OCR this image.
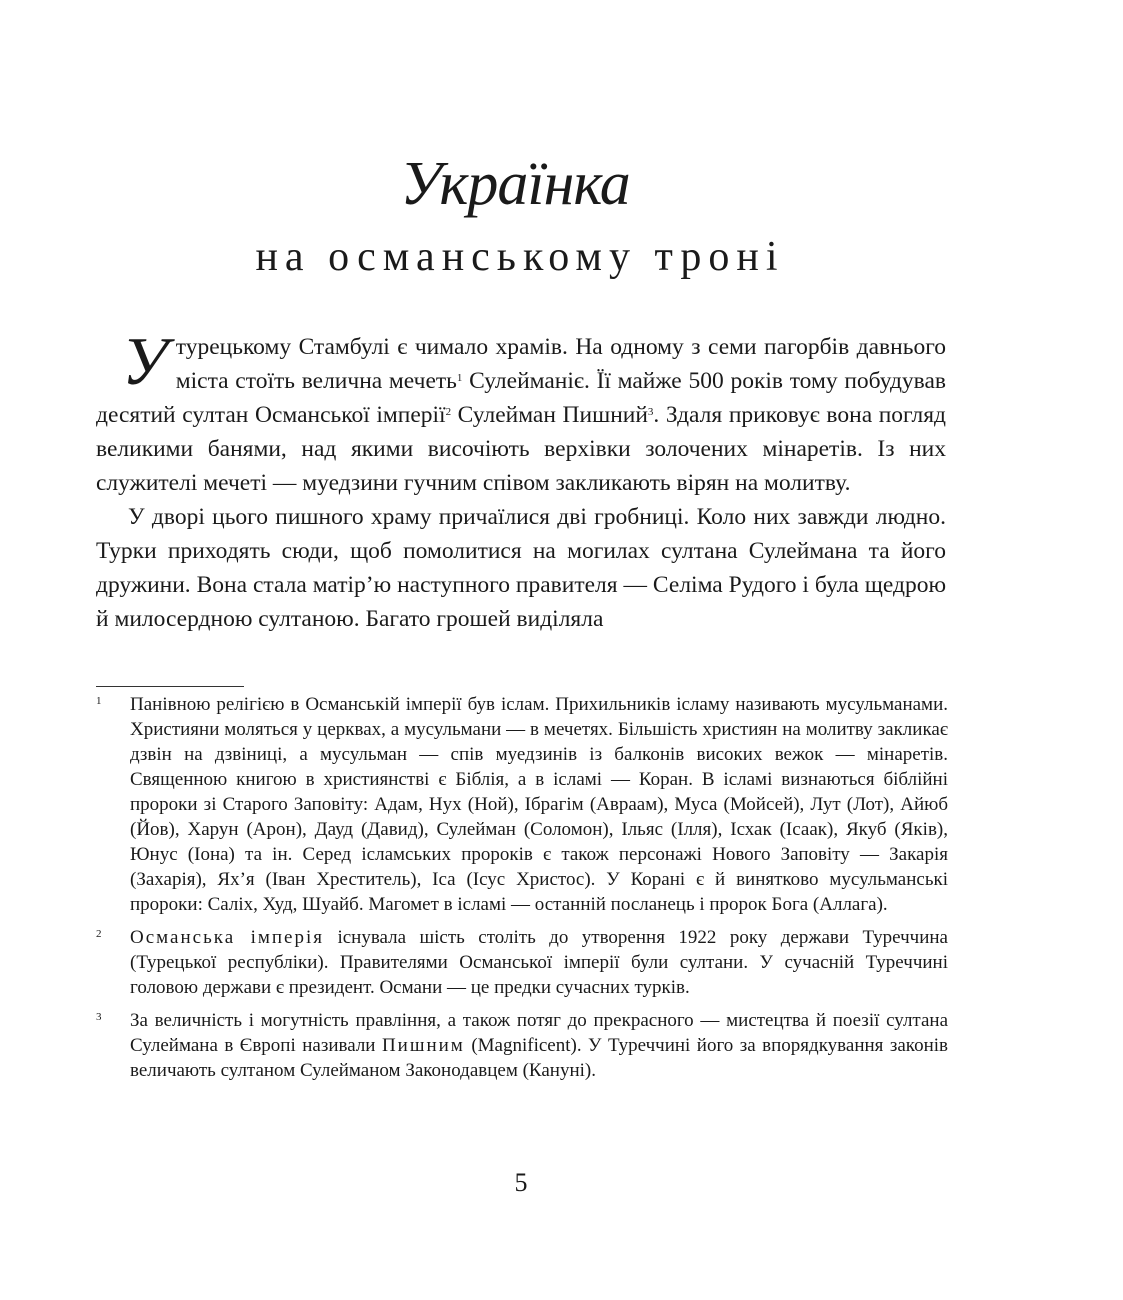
Українка
на османському троні

Утурецькому Стамбулі є чимало храмів. На одному з семи пагорбів давнього міста стоїть велична мечеть$^1$ Сулейманіє. Її майже 500 років тому побудував десятий султан Османської імперії$^2$ Сулейман Пишний$^3$. Здаля приковує вона погляд великими банями, над якими височіють верхівки золочених мінаретів. Із них служителі мечеті — муедзини гучним співом закликають вірян на молитву.

У дворі цього пишного храму причаїлися дві гробниці. Коло них завжди людно. Турки приходять сюди, щоб помолитися на могилах султана Сулеймана та його дружини. Вона стала матір’ю наступного правителя — Селіма Рудого і була щедрою й милосердною султаною. Багато грошей виділяла

1 Панівною релігією в Османській імперії був іслам. Прихильників ісламу називають мусульманами. Християни моляться у церквах, а мусульмани — в мечетях. Більшість християн на молитву закликає дзвін на дзвіниці, а мусульман — спів муедзинів із балконів високих вежок — мінаретів. Священною книгою в християнстві є Біблія, а в ісламі — Коран. В ісламі визнаються біблійні пророки зі Старого Заповіту: Адам, Нух (Ной), Ібрагім (Авраам), Муса (Мойсей), Лут (Лот), Айюб (Йов), Харун (Арон), Дауд (Давид), Сулейман (Соломон), Ільяс (Ілля), Ісхак (Ісаак), Якуб (Яків), Юнус (Іона) та ін. Серед ісламських пророків є також персонажі Нового Заповіту — Закарія (Захарія), Ях’я (Іван Хреститель), Іса (Ісус Христос). У Корані є й винятково мусульманські пророки: Саліх, Худ, Шуайб. Магомет в ісламі — останній посланець і пророк Бога (Аллага).
2 Османська імперія існувала шість століть до утворення 1922 року держави Туреччина (Турецької республіки). Правителями Османської імперії були султани. У сучасній Туреччині головою держави є президент. Османи — це предки сучасних турків.
3 За величність і могутність правління, а також потяг до прекрасного — мистецтва й поезії султана Сулеймана в Європі називали Пишним (Magnificent). У Туреччині його за впорядкування законів величають султаном Сулейманом Законодавцем (Кануні).
5
